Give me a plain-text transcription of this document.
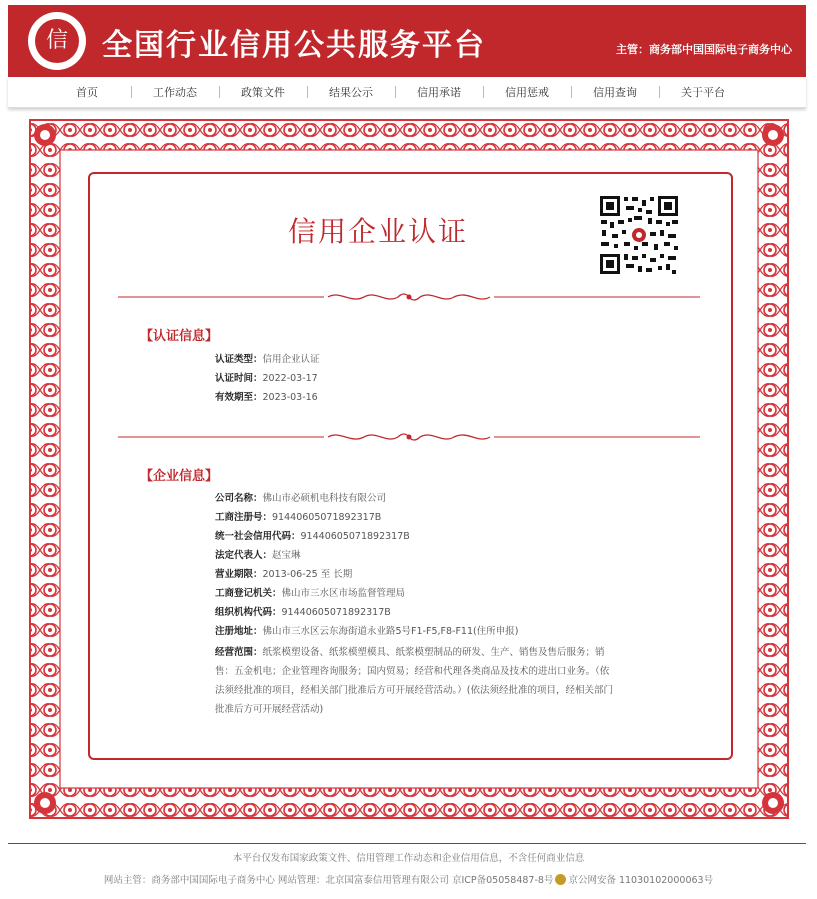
信	全国行业信用公共服务平台	主管：商务部中国国际电子商务中心
首页	工作动态	政策文件	结果公示	信用承诺	信用惩戒	信用查询	关于平台
信用企业认证
【认证信息】
认证类型：信用企业认证
认证时间：2022-03-17
有效期至：2023-03-16
【企业信息】
公司名称：佛山市必硕机电科技有限公司
工商注册号：91440605071892317B
统一社会信用代码：91440605071892317B
法定代表人：赵宝琳
营业期限：2013-06-25 至 长期
工商登记机关：佛山市三水区市场监督管理局
组织机构代码：91440605071892317B
注册地址：佛山市三水区云东海街道永业路5号F1-F5,F8-F11(住所申报)
经营范围：纸浆模塑设备、纸浆模塑模具、纸浆模塑制品的研发、生产、销售及售后服务；销售：五金机电；企业管理咨询服务；国内贸易；经营和代理各类商品及技术的进出口业务。（依法须经批准的项目，经相关部门批准后方可开展经营活动。）(依法须经批准的项目，经相关部门批准后方可开展经营活动)
本平台仅发布国家政策文件、信用管理工作动态和企业信用信息，不含任何商业信息
网站主管：商务部中国国际电子商务中心 网站管理：北京国富泰信用管理有限公司 京ICP备05058487-8号 京公网安备 11030102000063号
